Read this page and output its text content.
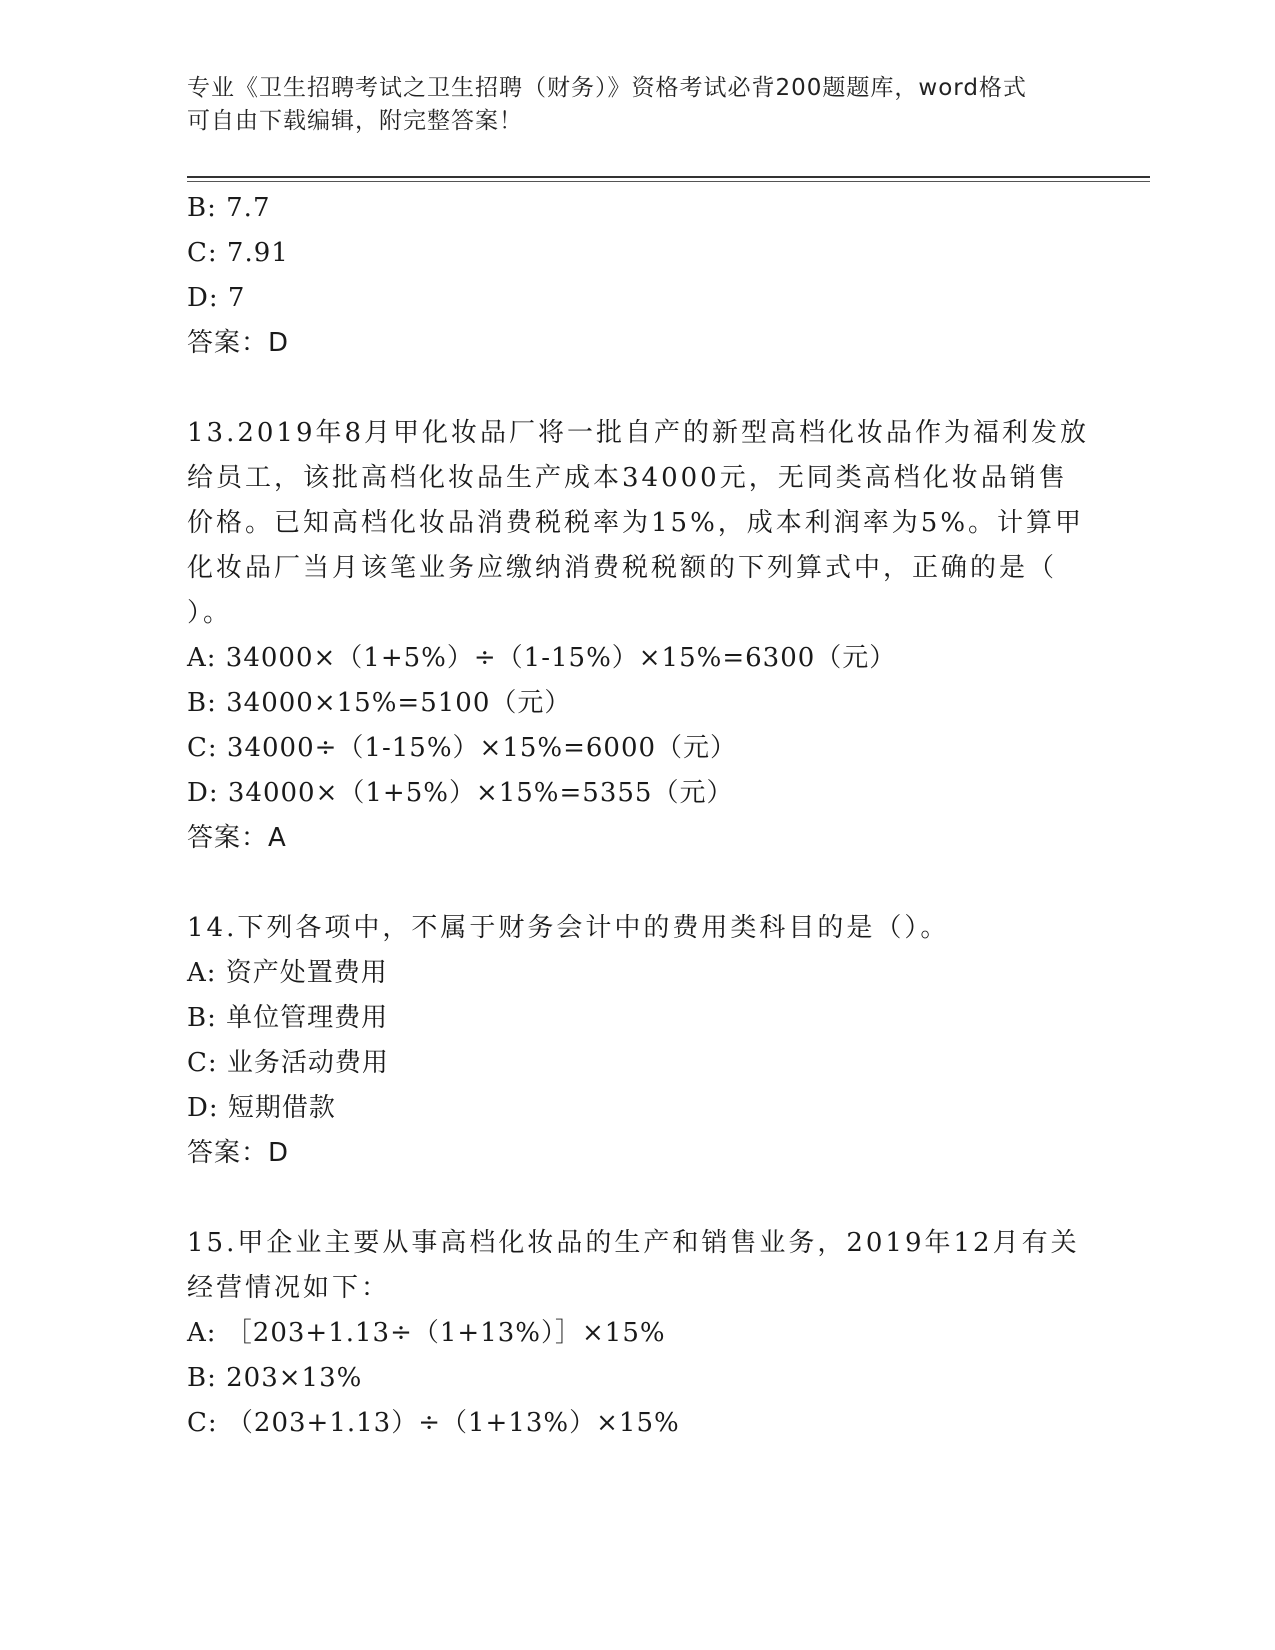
专业《卫生招聘考试之卫生招聘（财务）》资格考试必背200题题库，word格式
可自由下载编辑，附完整答案！
B: 7.7
C: 7.91
D: 7
答案：D
13.2019年8月甲化妆品厂将一批自产的新型高档化妆品作为福利发放
给员工，该批高档化妆品生产成本34000元，无同类高档化妆品销售
价格。已知高档化妆品消费税税率为15%，成本利润率为5%。计算甲
化妆品厂当月该笔业务应缴纳消费税税额的下列算式中，正确的是（
）。
A: 34000×（1+5%）÷（1-15%）×15%=6300（元）
B: 34000×15%=5100（元）
C: 34000÷（1-15%）×15%=6000（元）
D: 34000×（1+5%）×15%=5355（元）
答案：A
14.下列各项中，不属于财务会计中的费用类科目的是（）。
A: 资产处置费用
B: 单位管理费用
C: 业务活动费用
D: 短期借款
答案：D
15.甲企业主要从事高档化妆品的生产和销售业务，2019年12月有关
经营情况如下：
A: ［203+1.13÷（1+13%）］×15%
B: 203×13%
C: （203+1.13）÷（1+13%）×15%
